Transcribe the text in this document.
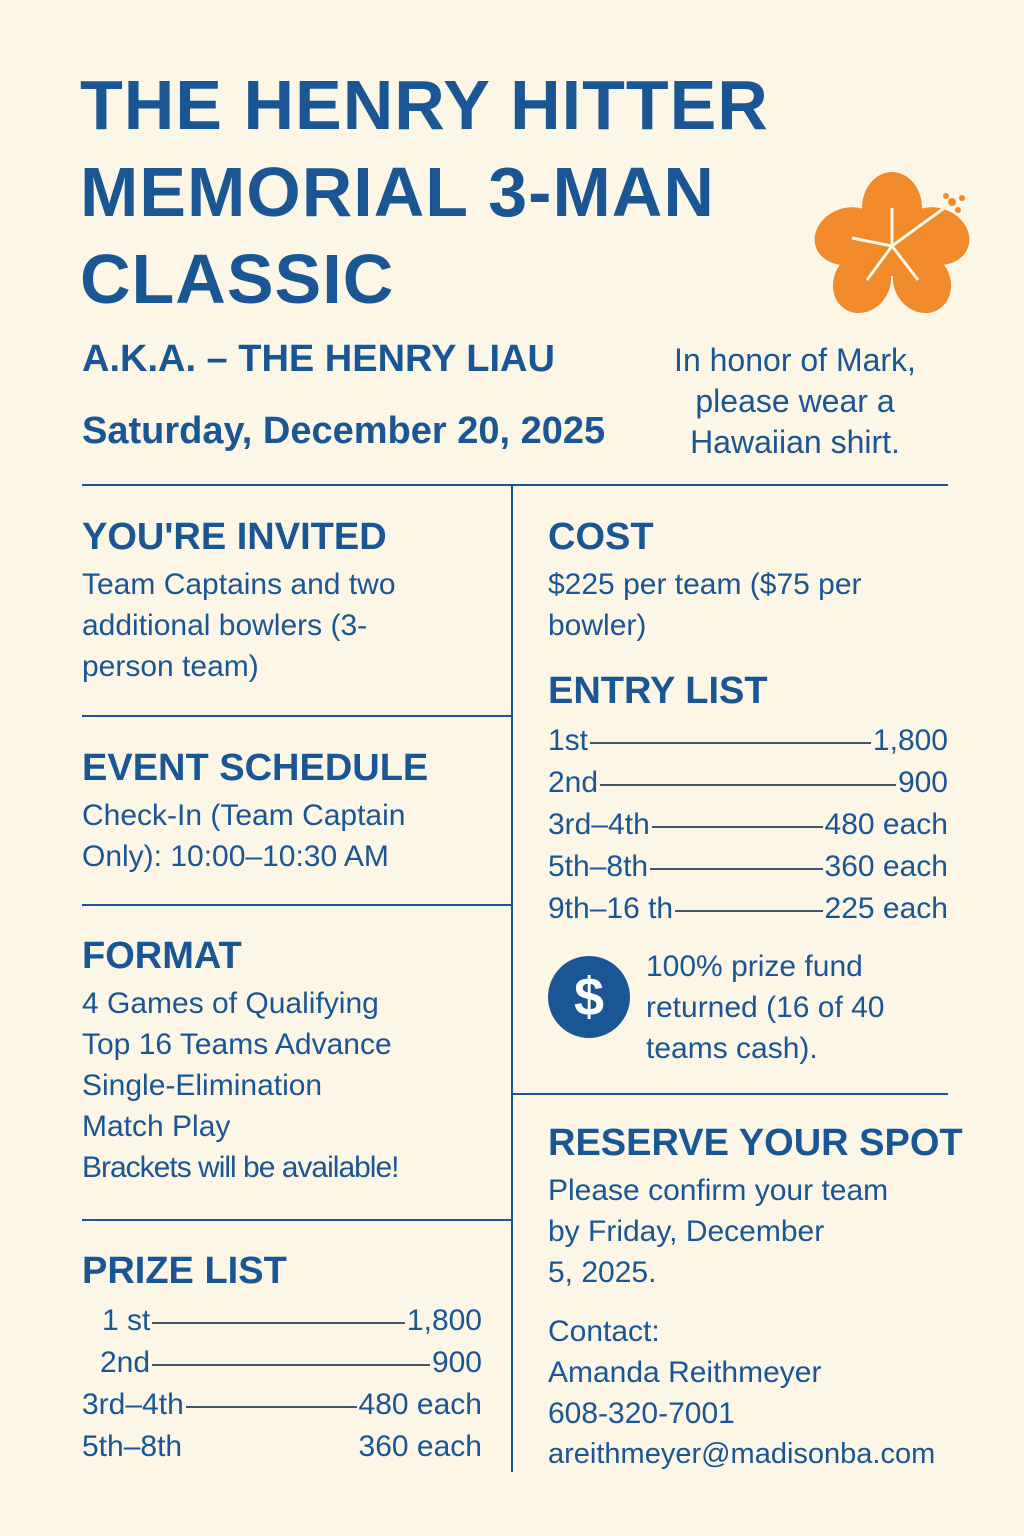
THE HENRY HITTER
MEMORIAL 3-MAN
CLASSIC
A.K.A. – THE HENRY LIAU
Saturday, December 20, 2025
In honor of Mark,
please wear a
Hawaiian shirt.
YOU'RE INVITED
Team Captains and two
additional bowlers (3-
person team)
EVENT SCHEDULE
Check-In (Team Captain
Only): 10:00–10:30 AM
FORMAT
4 Games of Qualifying
Top 16 Teams Advance
Single-Elimination
Match Play
Brackets will be available!
PRIZE LIST
1 st	1,800
2nd	900
3rd–4th	480 each
5th–8th	360 each
COST
$225 per team ($75 per
bowler)
ENTRY LIST
1st	1,800
2nd	900
3rd–4th	480 each
5th–8th	360 each
9th–16 th	225 each
$
100% prize fund
returned (16 of 40
teams cash).
RESERVE YOUR SPOT
Please confirm your team
by Friday, December
5, 2025.
Contact:
Amanda Reithmeyer
608-320-7001
areithmeyer@madisonba.com
